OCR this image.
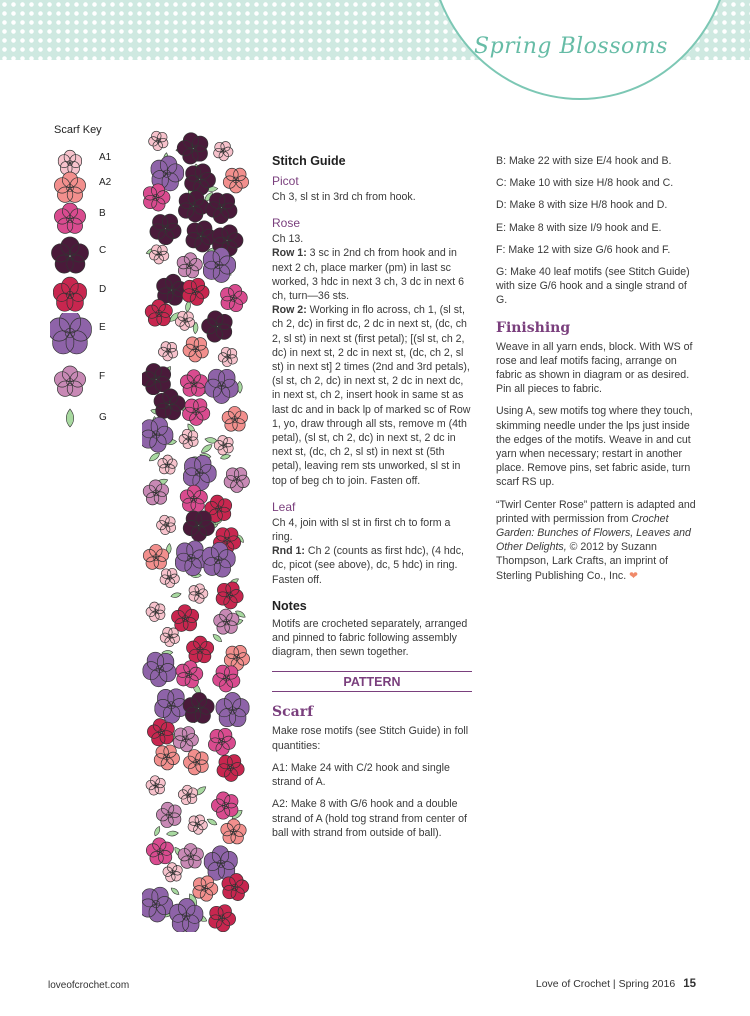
Spring Blossoms
Scarf Key
A1
A2
B
C
D
E
F
G
Stitch Guide
Picot

Ch 3, sl st in 3rd ch from hook.

Rose

Ch 13.
Row 1: 3 sc in 2nd ch from hook and in next 2 ch, place marker (pm) in last sc worked, 3 hdc in next 3 ch, 3 dc in next 6 ch, turn—36 sts.
Row 2: Working in flo across, ch 1, (sl st, ch 2, dc) in first dc, 2 dc in next st, (dc, ch 2, sl st) in next st (first petal); [(sl st, ch 2, dc) in next st, 2 dc in next st, (dc, ch 2, sl st) in next st] 2 times (2nd and 3rd petals), (sl st, ch 2, dc) in next st, 2 dc in next dc, in next st, ch 2, insert hook in same st as last dc and in back lp of marked sc of Row 1, yo, draw through all sts, remove m (4th petal), (sl st, ch 2, dc) in next st, 2 dc in next st, (dc, ch 2, sl st) in next st (5th petal), leaving rem sts unworked, sl st in top of beg ch to join. Fasten off.

Leaf

Ch 4, join with sl st in first ch to form a ring.
Rnd 1: Ch 2 (counts as first hdc), (4 hdc, dc, picot (see above), dc, 5 hdc) in ring. Fasten off.

Notes

Motifs are crocheted separately, arranged and pinned to fabric following assembly diagram, then sewn together.

PATTERN
Scarf

Make rose motifs (see Stitch Guide) in foll quantities:

A1: Make 24 with C/2 hook and single strand of A.

A2: Make 8 with G/6 hook and a double strand of A (hold tog strand from center of ball with strand from outside of ball).

B: Make 22 with size E/4 hook and B.

C: Make 10 with size H/8 hook and C.

D: Make 8 with size H/8 hook and D.

E: Make 8 with size I/9 hook and E.

F: Make 12 with size G/6 hook and F.

G: Make 40 leaf motifs (see Stitch Guide) with size G/6 hook and a single strand of G.

Finishing

Weave in all yarn ends, block. With WS of rose and leaf motifs facing, arrange on fabric as shown in diagram or as desired. Pin all pieces to fabric.

Using A, sew motifs tog where they touch, skimming needle under the lps just inside the edges of the motifs. Weave in and cut yarn when necessary; restart in another place. Remove pins, set fabric aside, turn scarf RS up.

“Twirl Center Rose” pattern is adapted and printed with permission from Crochet Garden: Bunches of Flowers, Leaves and Other Delights, © 2012 by Suzann Thompson, Lark Crafts, an imprint of Sterling Publishing Co., Inc. ❤

loveofcrochet.com	Love of Crochet | Spring 2016 15
